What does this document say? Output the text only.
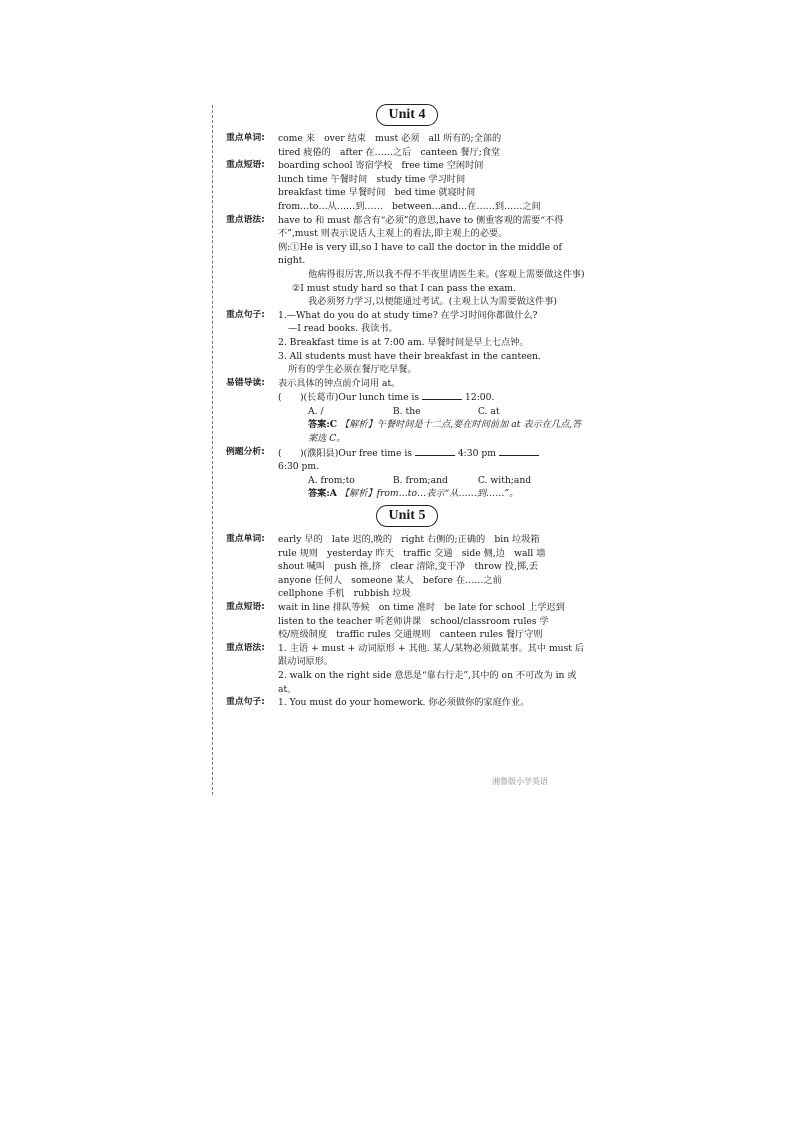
Unit 4
重点单词: come 来　over 结束　must 必须　all 所有的;全部的
tired 疲倦的　after 在……之后　canteen 餐厅;食堂
重点短语: boarding school 寄宿学校　free time 空闲时间
lunch time 午餐时间　study time 学习时间
breakfast time 早餐时间　bed time 就寝时间
from…to…从……到……　between…and…在……到……之间
重点语法: have to 和 must 都含有“必须”的意思,have to 侧重客观的需要“不得不”,must 则表示说话人主观上的看法,即主观上的必要。
例:①He is very ill,so I have to call the doctor in the middle of night.
他病得很厉害,所以我不得不半夜里请医生来。(客观上需要做这件事)
②I must study hard so that I can pass the exam.
我必须努力学习,以便能通过考试。(主观上认为需要做这件事)
重点句子: 1.—What do you do at study time? 在学习时间你都做什么?
—I read books. 我读书。
2. Breakfast time is at 7:00 am. 早餐时间是早上七点钟。
3. All students must have their breakfast in the canteen.
所有的学生必须在餐厅吃早餐。
易错导读: 表示具体的钟点前介词用 at。
(　　)(长葛市)Our lunch time is	12:00.
A. /	B. the	C. at
答案:C 【解析】午餐时间是十二点,要在时间前加 at 表示在几点,答案选 C。
例题分析: (　　)(濮阳县)Our free time is	4:30 pm
6:30 pm.
A. from;to	B. from;and	C. with;and
答案:A 【解析】from…to…表示“从……到……”。
Unit 5
重点单词: early 早的　late 迟的,晚的　right 右侧的;正确的　bin 垃圾箱
rule 规则　yesterday 昨天　traffic 交通　side 侧,边　wall 墙
shout 喊叫　push 推,挤　clear 清除,变干净　throw 投,掷,丢
anyone 任何人　someone 某人　before 在……之前
cellphone 手机　rubbish 垃圾
重点短语: wait in line 排队等候　on time 准时　be late for school 上学迟到
listen to the teacher 听老师讲课　school/classroom rules 学
校/班级制度　traffic rules 交通规则　canteen rules 餐厅守则
重点语法: 1. 主语 + must + 动词原形 + 其他. 某人/某物必须做某事。其中 must 后跟动词原形。
2. walk on the right side 意思是“靠右行走”,其中的 on 不可改为 in 或 at。
重点句子: 1. You must do your homework. 你必须做你的家庭作业。
湘鲁版小学英语
